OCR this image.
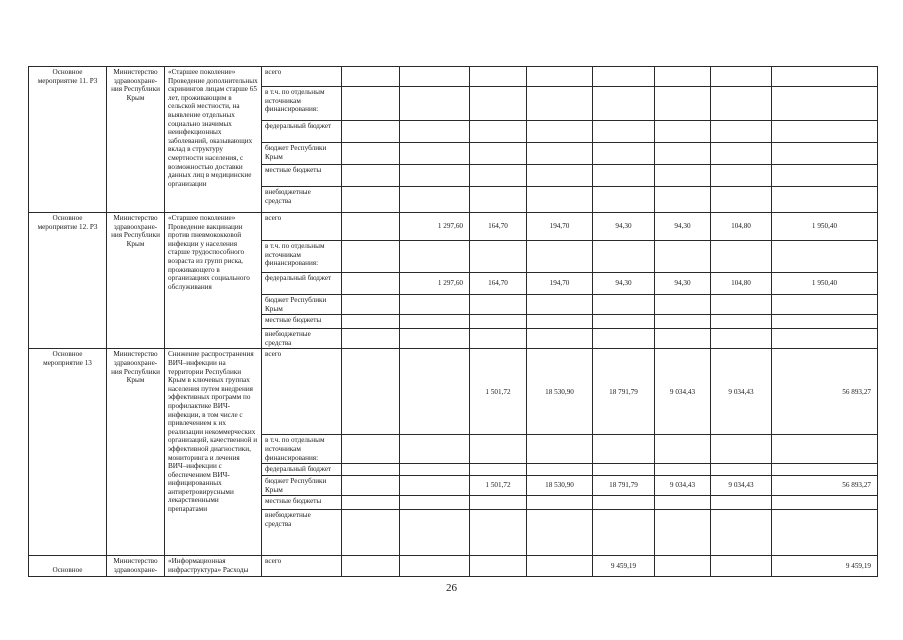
Основное мероприятие 11. Р3	Министерство здравоохране-ния Республики Крым	«Старшее поколение» Проведение дополнительных скринингов лицам старше 65 лет, проживающим в сельской местности, на выявление отдельных социально значимых неинфекционных заболеваний, оказывающих вклад в структуру смертности населения, с возможностью доставки данных лиц в медицинские организации	всего								
			в т.ч. по отдельным источникам финансирования:								
			федеральный бюджет								
			бюджет Республики Крым								
			местные бюджеты								
			внебюджетные средства								
Основное мероприятие 12. Р3	Министерство здравоохране-ния Республики Крым	«Старшее поколение» Проведение вакцинации против пневмококковой инфекции у населения старше трудоспособного возраста из групп риска, проживающего в организациях социального обслуживания	всего		1 297,60	164,70	194,70	94,30	94,30	104,80	1 950,40
			в т.ч. по отдельным источникам финансирования:								
			федеральный бюджет		1 297,60	164,70	194,70	94,30	94,30	104,80	1 950,40
			бюджет Республики Крым								
			местные бюджеты								
			внебюджетные средства								
Основное мероприятие 13	Министерство здравоохране-ния Республики Крым	Снижение распространения ВИЧ–инфекции на территории Республики Крым в ключевых группах населения путем внедрения эффективных программ по профилактике ВИЧ-инфекции, в том числе с привлечением к их реализации некоммерческих организаций, качественной и эффективной диагностики, мониторинга и лечения ВИЧ–инфекции с обеспечением ВИЧ-инфицированных антиретровирусными лекарственными препаратами	всего			1 501,72	18 530,90	18 791,79	9 034,43	9 034,43	56 893,27
			в т.ч. по отдельным источникам финансирования:								
			федеральный бюджет								
			бюджет Республики Крым			1 501,72	18 530,90	18 791,79	9 034,43	9 034,43	56 893,27
			местные бюджеты								
			внебюджетные средства								
Основное	Министерство здравоохране-	«Информационная инфраструктура» Расходы	всего					9 459,19			9 459,19
26
